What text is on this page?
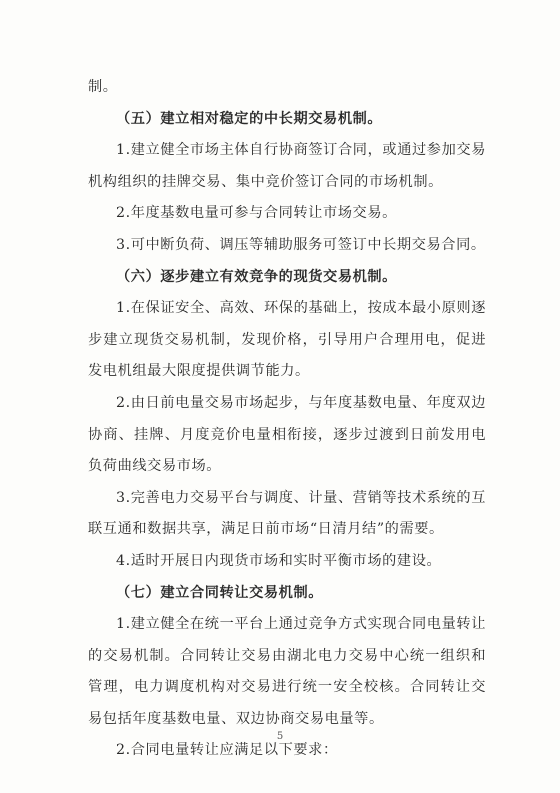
制。

（五）建立相对稳定的中长期交易机制。

1.建立健全市场主体自行协商签订合同，或通过参加交易机构组织的挂牌交易、集中竞价签订合同的市场机制。

2.年度基数电量可参与合同转让市场交易。

3.可中断负荷、调压等辅助服务可签订中长期交易合同。

（六）逐步建立有效竞争的现货交易机制。

1.在保证安全、高效、环保的基础上，按成本最小原则逐步建立现货交易机制，发现价格，引导用户合理用电，促进发电机组最大限度提供调节能力。

2.由日前电量交易市场起步，与年度基数电量、年度双边协商、挂牌、月度竞价电量相衔接，逐步过渡到日前发用电负荷曲线交易市场。

3.完善电力交易平台与调度、计量、营销等技术系统的互联互通和数据共享，满足日前市场“日清月结”的需要。

4.适时开展日内现货市场和实时平衡市场的建设。

（七）建立合同转让交易机制。

1.建立健全在统一平台上通过竞争方式实现合同电量转让的交易机制。合同转让交易由湖北电力交易中心统一组织和管理，电力调度机构对交易进行统一安全校核。合同转让交易包括年度基数电量、双边协商交易电量等。

2.合同电量转让应满足以下要求：

5
